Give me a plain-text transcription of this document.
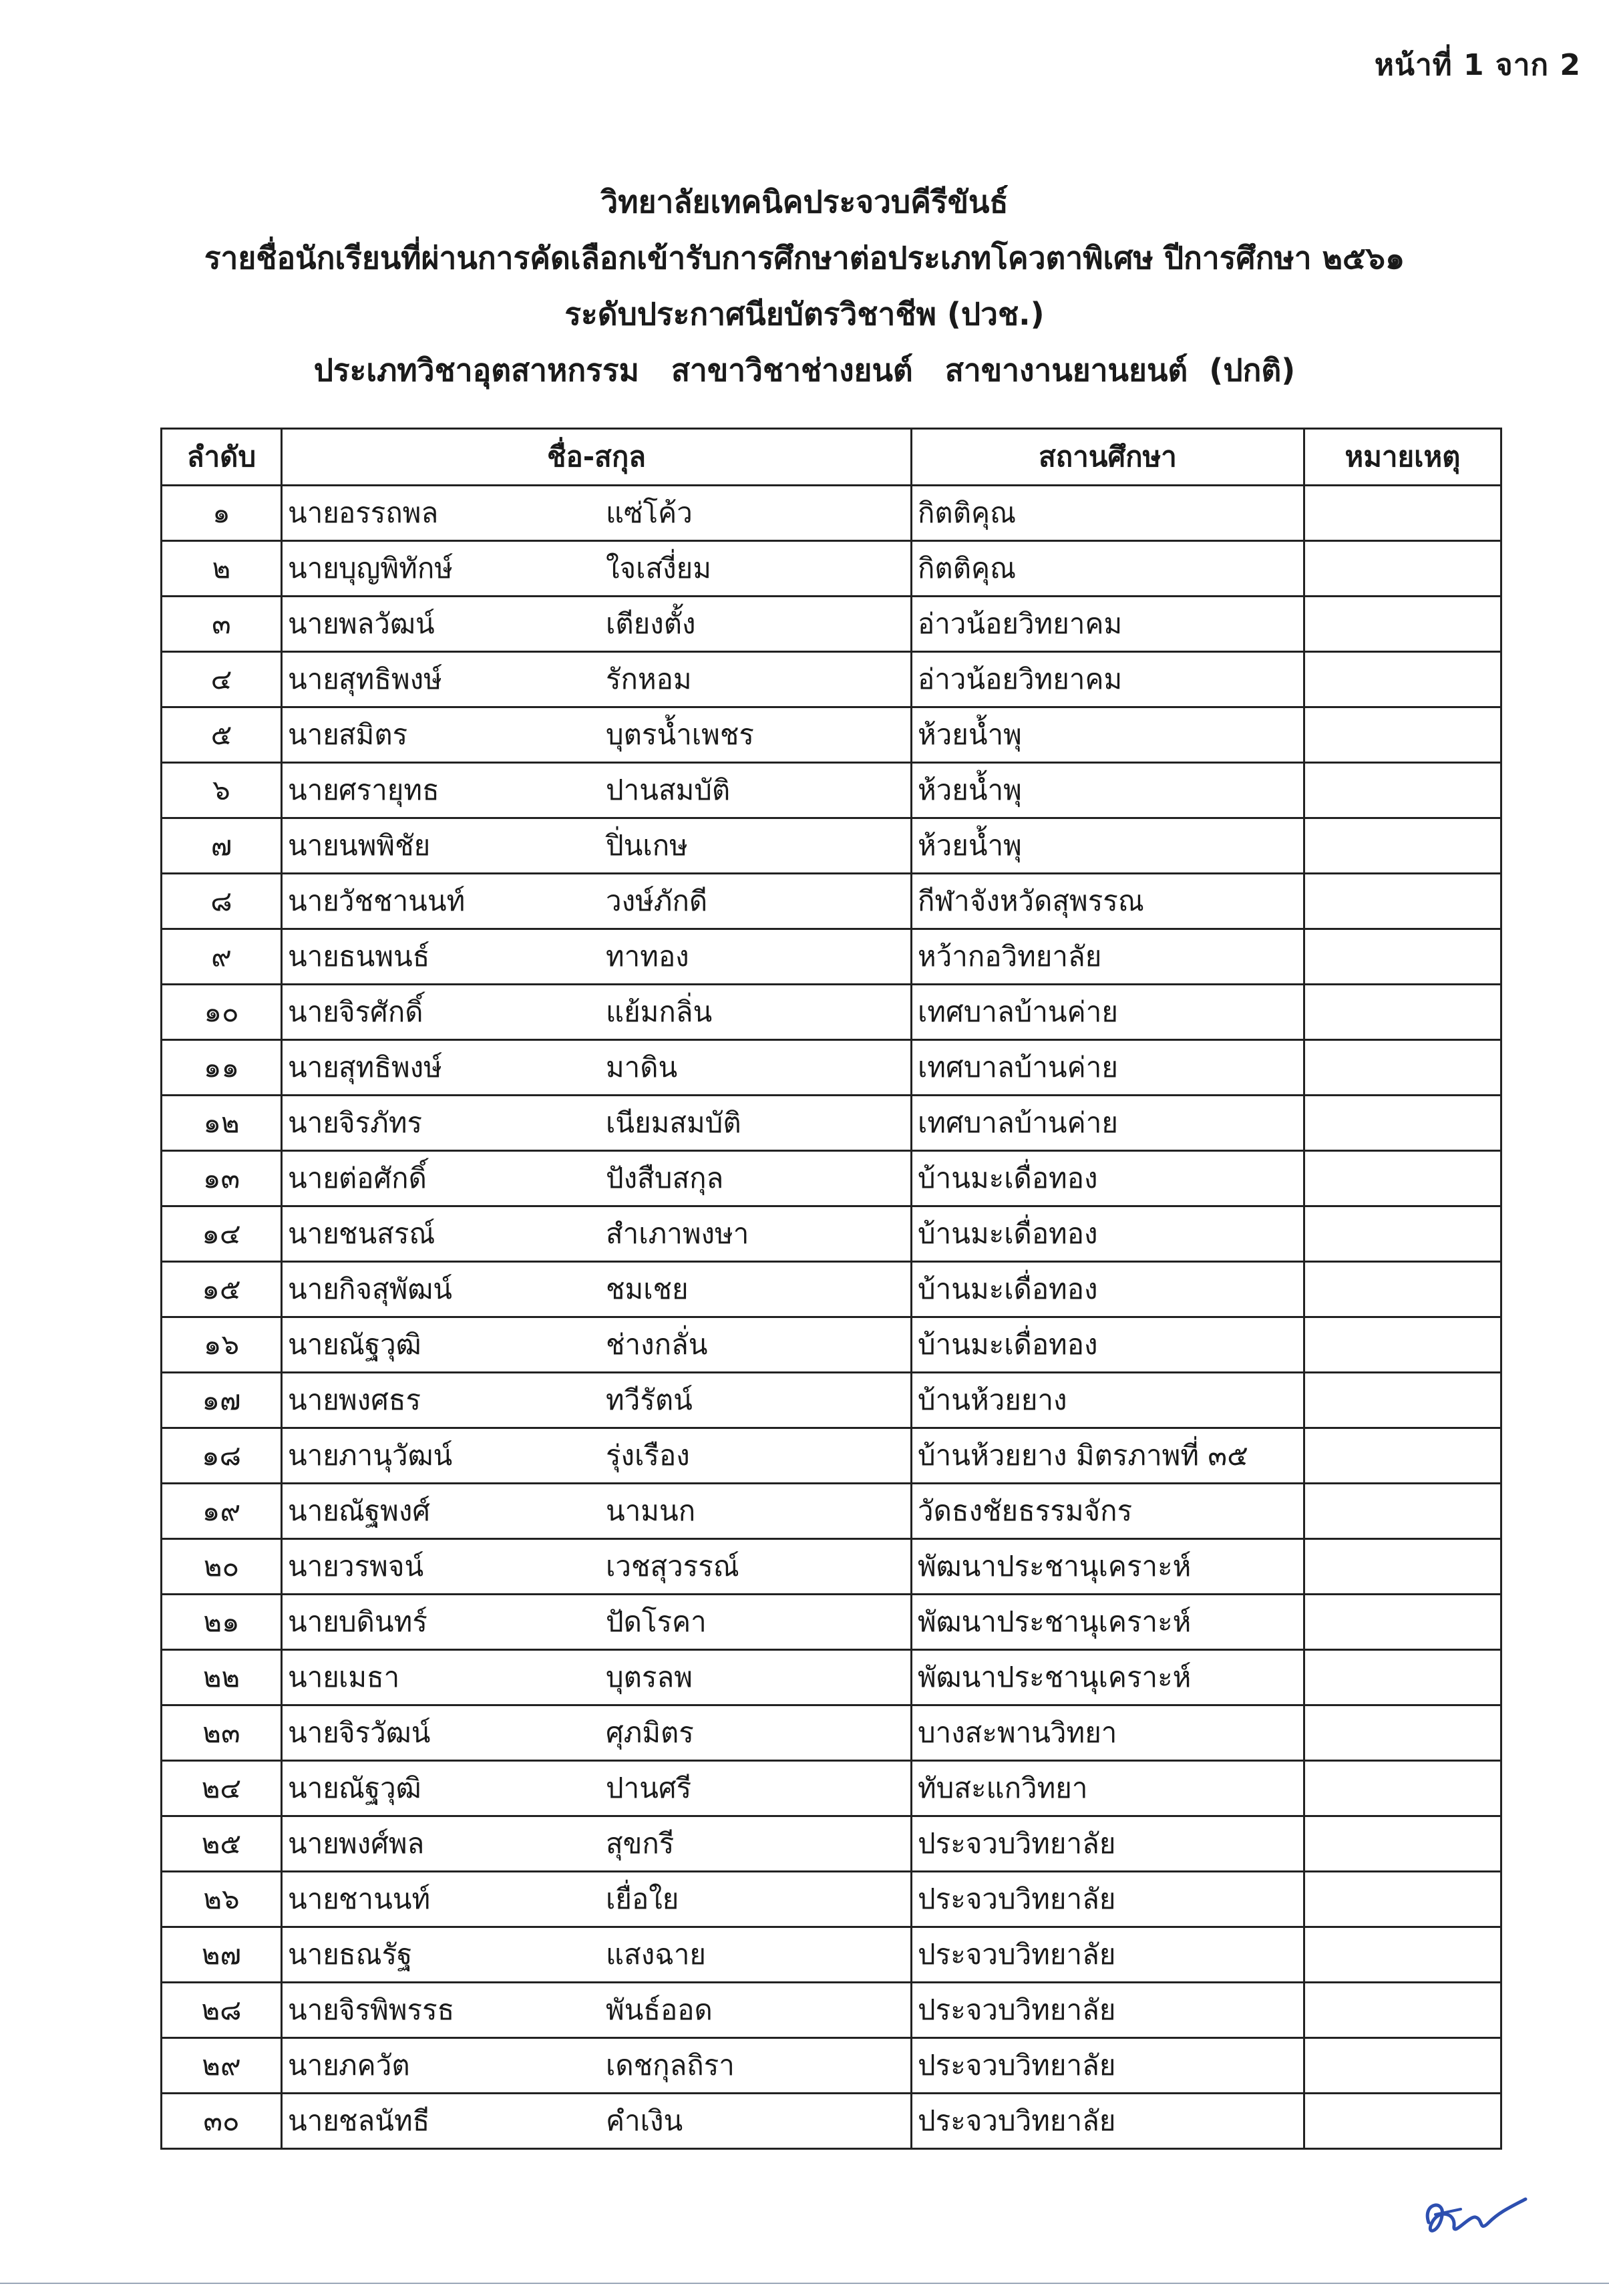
หน้าที่ 1 จาก 2
วิทยาลัยเทคนิคประจวบคีรีขันธ์
รายชื่อนักเรียนที่ผ่านการคัดเลือกเข้ารับการศึกษาต่อประเภทโควตาพิเศษ ปีการศึกษา ๒๕๖๑
ระดับประกาศนียบัตรวิชาชีพ (ปวช.)
ประเภทวิชาอุตสาหกรรม   สาขาวิชาช่างยนต์   สาขางานยานยนต์  (ปกติ)
ลำดับ	ชื่อ-สกุล	สถานศึกษา	หมายเหตุ
๑	นาย อรรถพล แซ่โค้ว	กิตติคุณ	
๒	นาย บุญพิทักษ์ ใจเสงี่ยม	กิตติคุณ	
๓	นาย พลวัฒน์ เตียงตั้ง	อ่าวน้อยวิทยาคม	
๔	นาย สุทธิพงษ์ รักหอม	อ่าวน้อยวิทยาคม	
๕	นาย สมิตร บุตรน้ำเพชร	ห้วยน้ำพุ	
๖	นาย ศรายุทธ ปานสมบัติ	ห้วยน้ำพุ	
๗	นาย นพพิชัย ปิ่นเกษ	ห้วยน้ำพุ	
๘	นาย วัชชานนท์ วงษ์ภักดี	กีฬาจังหวัดสุพรรณ	
๙	นาย ธนพนธ์ ทาทอง	หว้ากอวิทยาลัย	
๑๐	นาย จิรศักดิ์ แย้มกลิ่น	เทศบาลบ้านค่าย	
๑๑	นาย สุทธิพงษ์ มาดิน	เทศบาลบ้านค่าย	
๑๒	นาย จิรภัทร เนียมสมบัติ	เทศบาลบ้านค่าย	
๑๓	นาย ต่อศักดิ์ ปังสืบสกุล	บ้านมะเดื่อทอง	
๑๔	นาย ชนสรณ์ สำเภาพงษา	บ้านมะเดื่อทอง	
๑๕	นาย กิจสุพัฒน์ ชมเชย	บ้านมะเดื่อทอง	
๑๖	นาย ณัฐวุฒิ ช่างกลั่น	บ้านมะเดื่อทอง	
๑๗	นาย พงศธร ทวีรัตน์	บ้านห้วยยาง	
๑๘	นาย ภานุวัฒน์ รุ่งเรือง	บ้านห้วยยาง มิตรภาพที่ ๓๕	
๑๙	นาย ณัฐพงศ์ นามนก	วัดธงชัยธรรมจักร	
๒๐	นาย วรพจน์ เวชสุวรรณ์	พัฒนาประชานุเคราะห์	
๒๑	นาย บดินทร์ ปัดโรคา	พัฒนาประชานุเคราะห์	
๒๒	นาย เมธา บุตรลพ	พัฒนาประชานุเคราะห์	
๒๓	นาย จิรวัฒน์ ศุภมิตร	บางสะพานวิทยา	
๒๔	นาย ณัฐวุฒิ ปานศรี	ทับสะแกวิทยา	
๒๕	นาย พงศ์พล สุขกรี	ประจวบวิทยาลัย	
๒๖	นาย ชานนท์ เยื่อใย	ประจวบวิทยาลัย	
๒๗	นาย ธณรัฐ แสงฉาย	ประจวบวิทยาลัย	
๒๘	นาย จิรพิพรรธ พันธ์ออด	ประจวบวิทยาลัย	
๒๙	นาย ภควัต เดชกุลถิรา	ประจวบวิทยาลัย	
๓๐	นาย ชลนัทธี คำเงิน	ประจวบวิทยาลัย	
